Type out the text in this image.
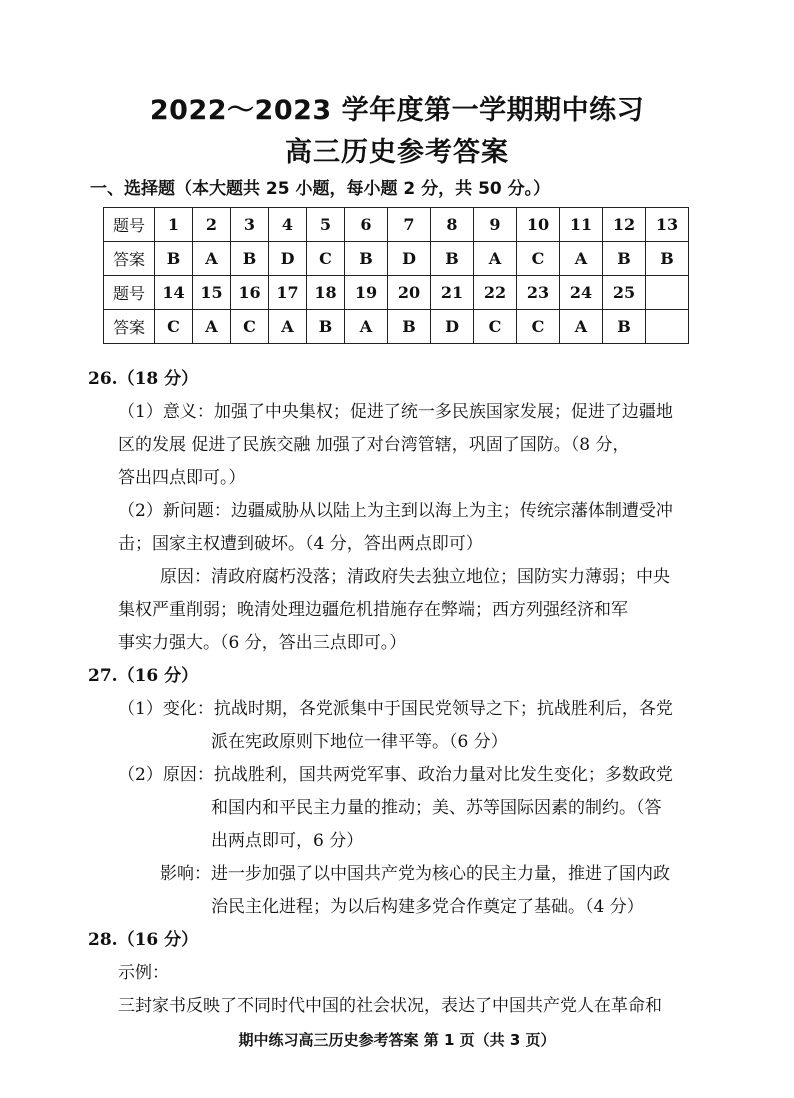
2022～2023 学年度第一学期期中练习
高三历史参考答案
一、选择题（本大题共 25 小题，每小题 2 分，共 50 分。）
题号	1	2	3	4	5	6	7	8	9	10	11	12	13
答案	B	A	B	D	C	B	D	B	A	C	A	B	B
题号	14	15	16	17	18	19	20	21	22	23	24	25	
答案	C	A	C	A	B	A	B	D	C	C	A	B	
26.（18 分）
（1）意义：加强了中央集权；促进了统一多民族国家发展；促进了边疆地
区的发展 促进了民族交融 加强了对台湾管辖，巩固了国防。（8 分，
答出四点即可。）
（2）新问题：边疆威胁从以陆上为主到以海上为主；传统宗藩体制遭受冲
击；国家主权遭到破坏。（4 分，答出两点即可）
原因：清政府腐朽没落；清政府失去独立地位；国防实力薄弱；中央
集权严重削弱；晚清处理边疆危机措施存在弊端；西方列强经济和军
事实力强大。（6 分，答出三点即可。）
27.（16 分）
（1）变化：抗战时期，各党派集中于国民党领导之下；抗战胜利后，各党
派在宪政原则下地位一律平等。（6 分）
（2）原因：抗战胜利，国共两党军事、政治力量对比发生变化；多数政党
和国内和平民主力量的推动；美、苏等国际因素的制约。（答
出两点即可，6 分）
影响：进一步加强了以中国共产党为核心的民主力量，推进了国内政
治民主化进程；为以后构建多党合作奠定了基础。（4 分）
28.（16 分）
示例：
三封家书反映了不同时代中国的社会状况，表达了中国共产党人在革命和
期中练习高三历史参考答案 第 1 页（共 3 页）
